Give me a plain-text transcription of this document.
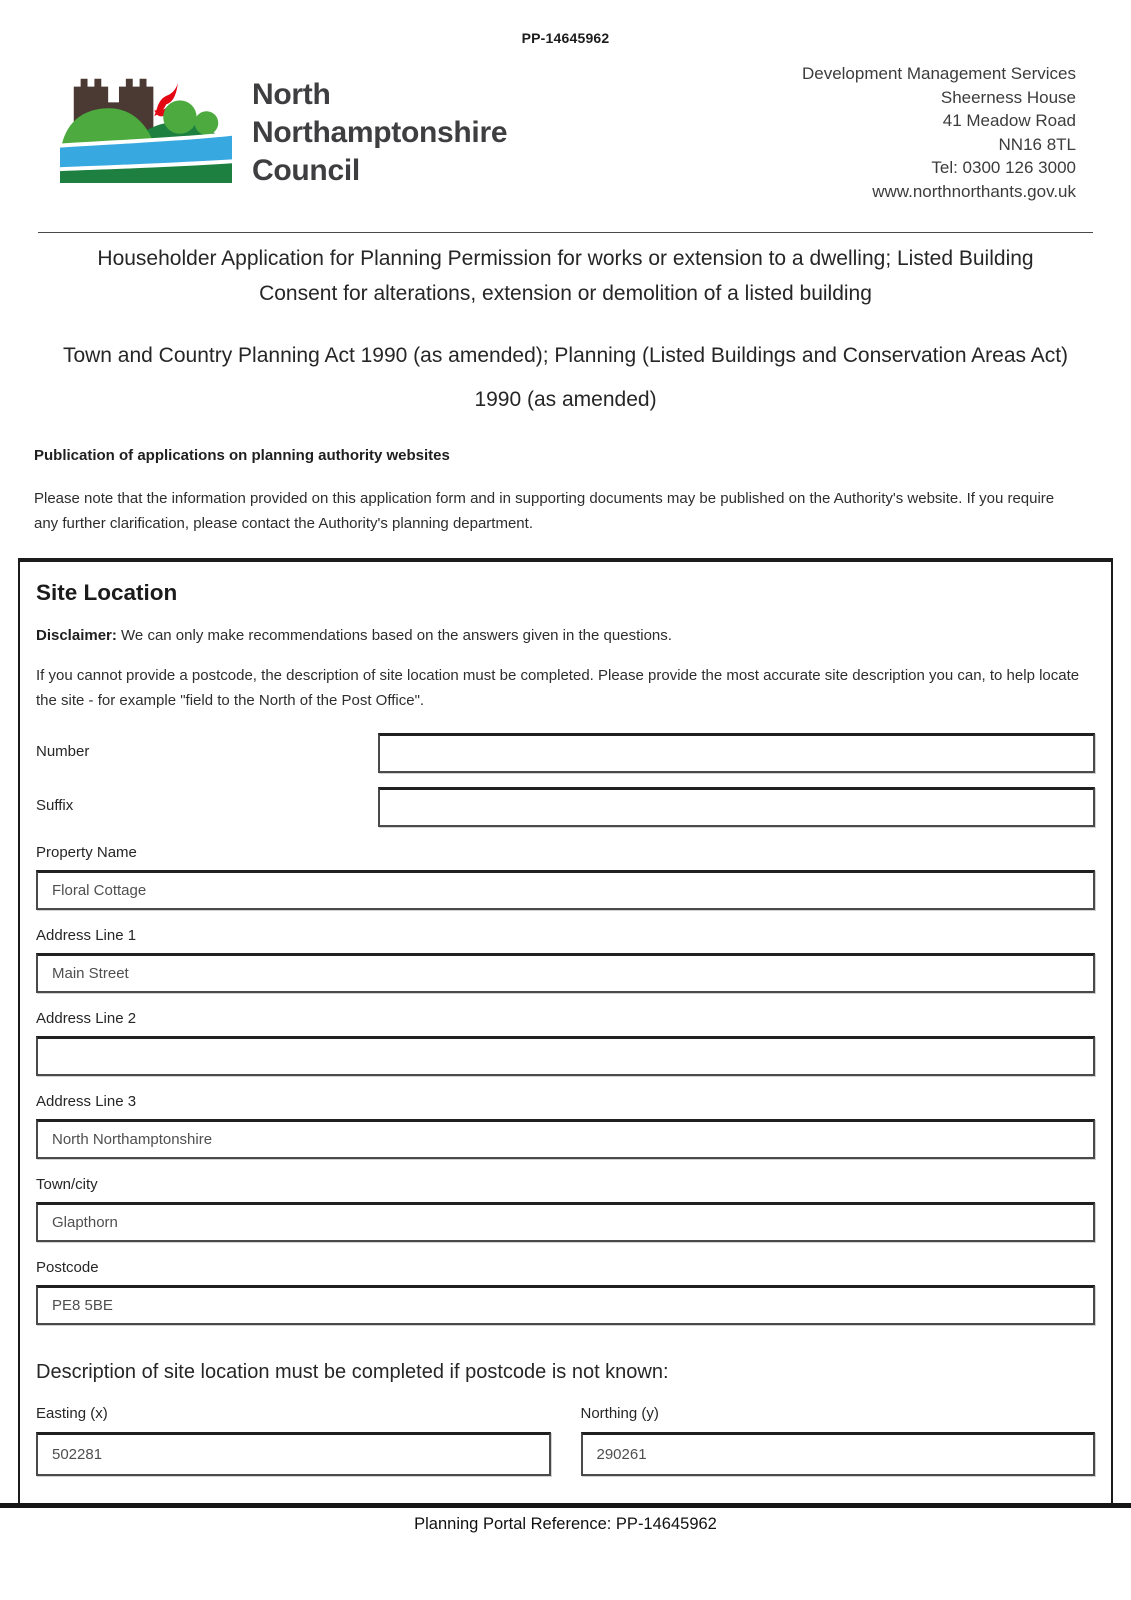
PP-14645962
North
Northamptonshire
Council
Development Management Services
Sheerness House
41 Meadow Road
NN16 8TL
Tel: 0300 126 3000
www.northnorthants.gov.uk
Householder Application for Planning Permission for works or extension to a dwelling; Listed Building Consent for alterations, extension or demolition of a listed building
Town and Country Planning Act 1990 (as amended); Planning (Listed Buildings and Conservation Areas Act) 1990 (as amended)
Publication of applications on planning authority websites
Please note that the information provided on this application form and in supporting documents may be published on the Authority's website. If you require any further clarification, please contact the Authority's planning department.
Site Location
Disclaimer: We can only make recommendations based on the answers given in the questions.
If you cannot provide a postcode, the description of site location must be completed. Please provide the most accurate site description you can, to help locate the site - for example "field to the North of the Post Office".
Number
Suffix
Property Name
Floral Cottage
Address Line 1
Main Street
Address Line 2
Address Line 3
North Northamptonshire
Town/city
Glapthorn
Postcode
PE8 5BE
Description of site location must be completed if postcode is not known:
Easting (x)
502281	Northing (y)
290261
Planning Portal Reference: PP-14645962
